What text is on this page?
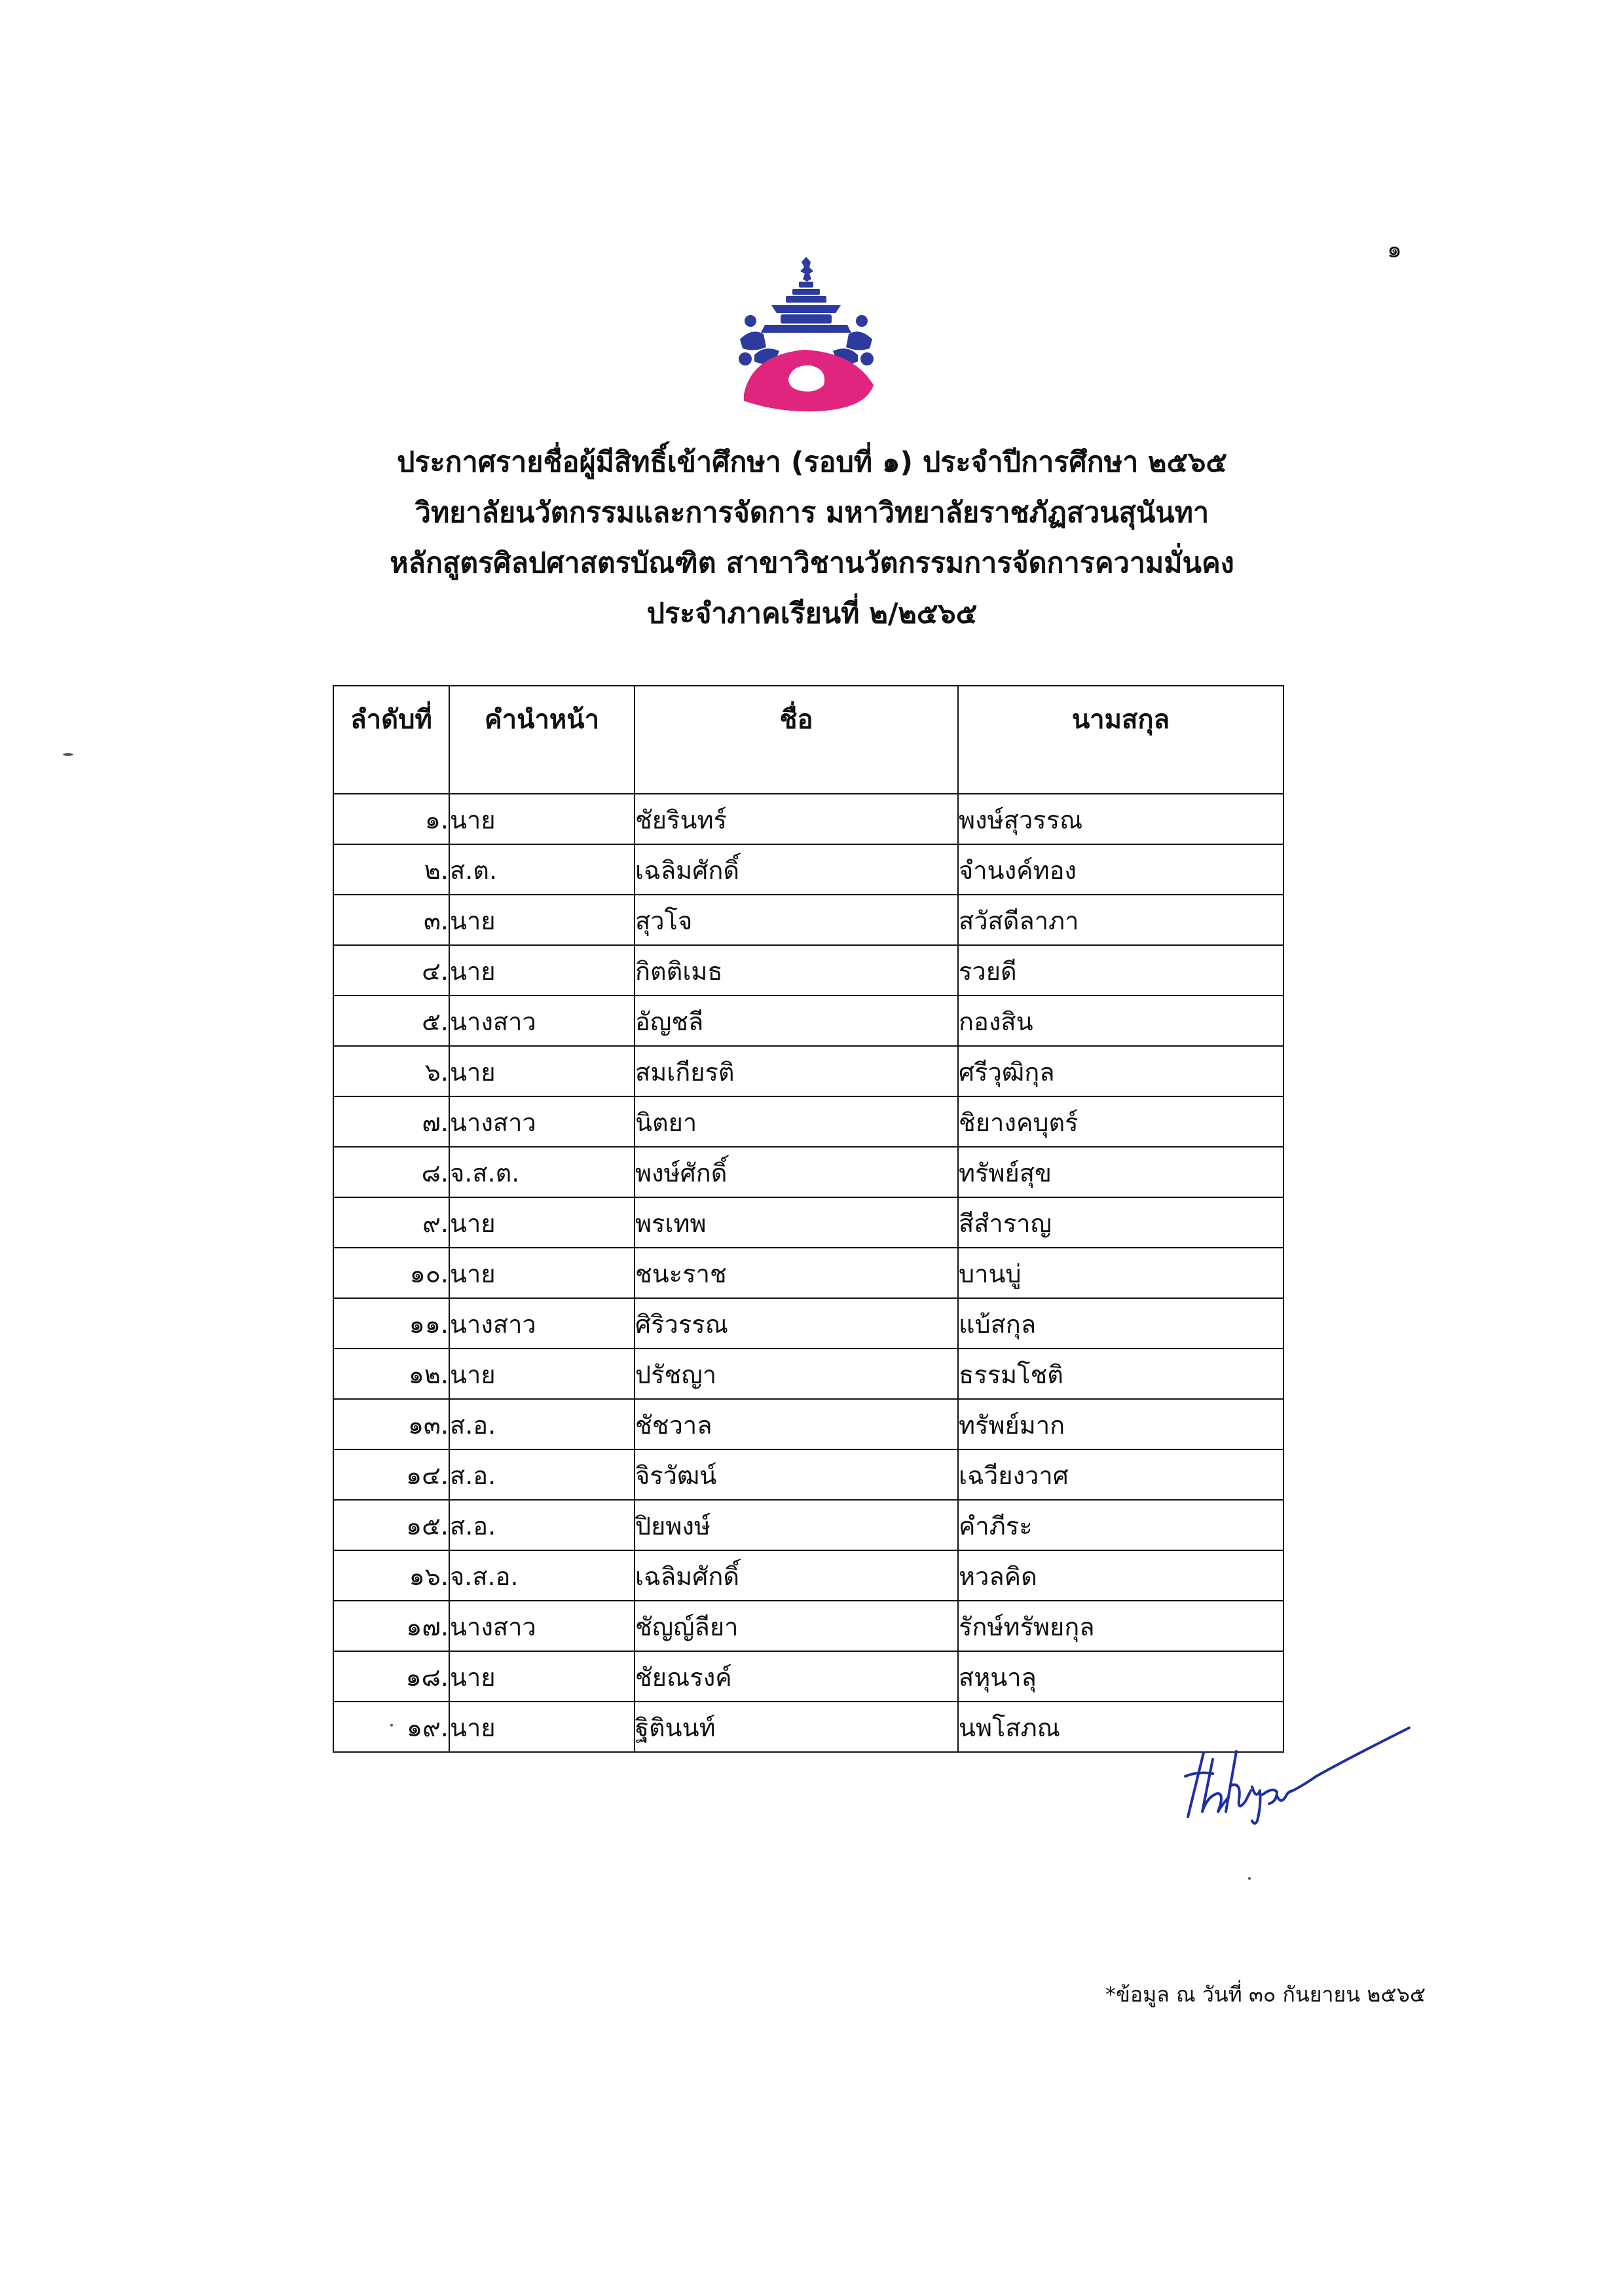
๑
ประกาศรายชื่อผู้มีสิทธิ์เข้าศึกษา (รอบที่ ๑) ประจำปีการศึกษา ๒๕๖๕
วิทยาลัยนวัตกรรมและการจัดการ มหาวิทยาลัยราชภัฏสวนสุนันทา
หลักสูตรศิลปศาสตรบัณฑิต สาขาวิชานวัตกรรมการจัดการความมั่นคง
ประจำภาคเรียนที่ ๒/๒๕๖๕
ลำดับที่	คำนำหน้า	ชื่อ	นามสกุล
๑.	นาย	ชัยรินทร์	พงษ์สุวรรณ
๒.	ส.ต.	เฉลิมศักดิ์	จำนงค์ทอง
๓.	นาย	สุวโจ	สวัสดีลาภา
๔.	นาย	กิตติเมธ	รวยดี
๕.	นางสาว	อัญชลี	กองสิน
๖.	นาย	สมเกียรติ	ศรีวุฒิกุล
๗.	นางสาว	นิตยา	ชิยางคบุตร์
๘.	จ.ส.ต.	พงษ์ศักดิ์	ทรัพย์สุข
๙.	นาย	พรเทพ	สีสำราญ
๑๐.	นาย	ชนะราช	บานบู่
๑๑.	นางสาว	ศิริวรรณ	แบ้สกุล
๑๒.	นาย	ปรัชญา	ธรรมโชติ
๑๓.	ส.อ.	ชัชวาล	ทรัพย์มาก
๑๔.	ส.อ.	จิรวัฒน์	เฉวียงวาศ
๑๕.	ส.อ.	ปิยพงษ์	คำภีระ
๑๖.	จ.ส.อ.	เฉลิมศักดิ์	หวลคิด
๑๗.	นางสาว	ชัญญ์ลียา	รักษ์ทรัพยกุล
๑๘.	นาย	ชัยณรงค์	สหุนาลุ
๑๙.	นาย	ฐิตินนท์	นพโสภณ
*ข้อมูล ณ วันที่ ๓๐ กันยายน ๒๕๖๕
